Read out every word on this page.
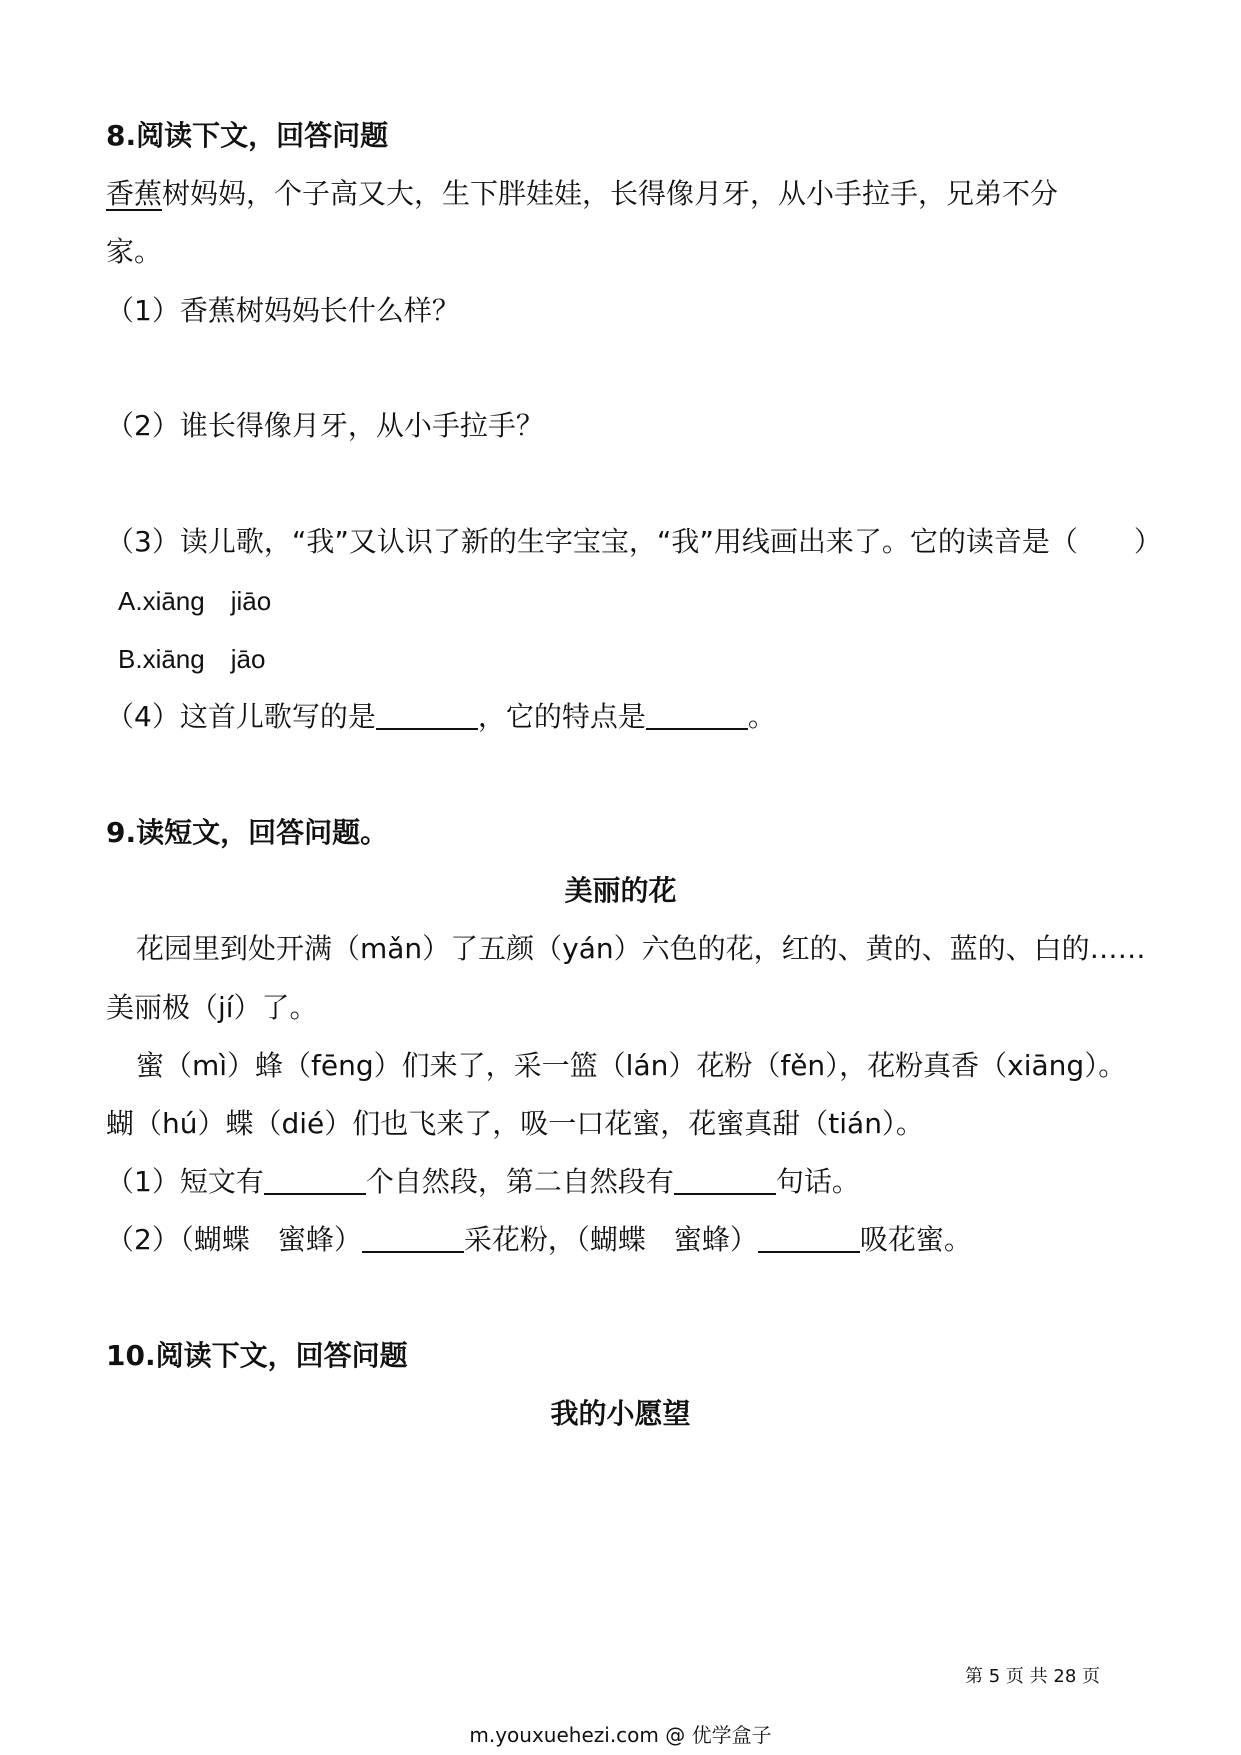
8.阅读下文，回答问题
香蕉树妈妈，个子高又大，生下胖娃娃，长得像月牙，从小手拉手，兄弟不分
家。
（1）香蕉树妈妈长什么样？
（2）谁长得像月牙，从小手拉手？
（3）读儿歌，“我”又认识了新的生字宝宝，“我”用线画出来了。它的读音是（　　）
A.xiāng　jiāo
B.xiāng　jāo
（4）这首儿歌写的是	，它的特点是	。
9.读短文，回答问题。
美丽的花
花园里到处开满（mǎn）了五颜（yán）六色的花，红的、黄的、蓝的、白的……
美丽极（jí）了。
蜜（mì）蜂（fēng）们来了，采一篮（lán）花粉（fěn），花粉真香（xiāng）。
蝴（hú）蝶（dié）们也飞来了，吸一口花蜜，花蜜真甜（tián）。
（1）短文有	个自然段，第二自然段有	句话。
（2）（蝴蝶　蜜蜂）	采花粉，（蝴蝶　蜜蜂）	吸花蜜。
10.阅读下文，回答问题
我的小愿望
第 5 页 共 28 页
m.youxuehezi.com @ 优学盒子
